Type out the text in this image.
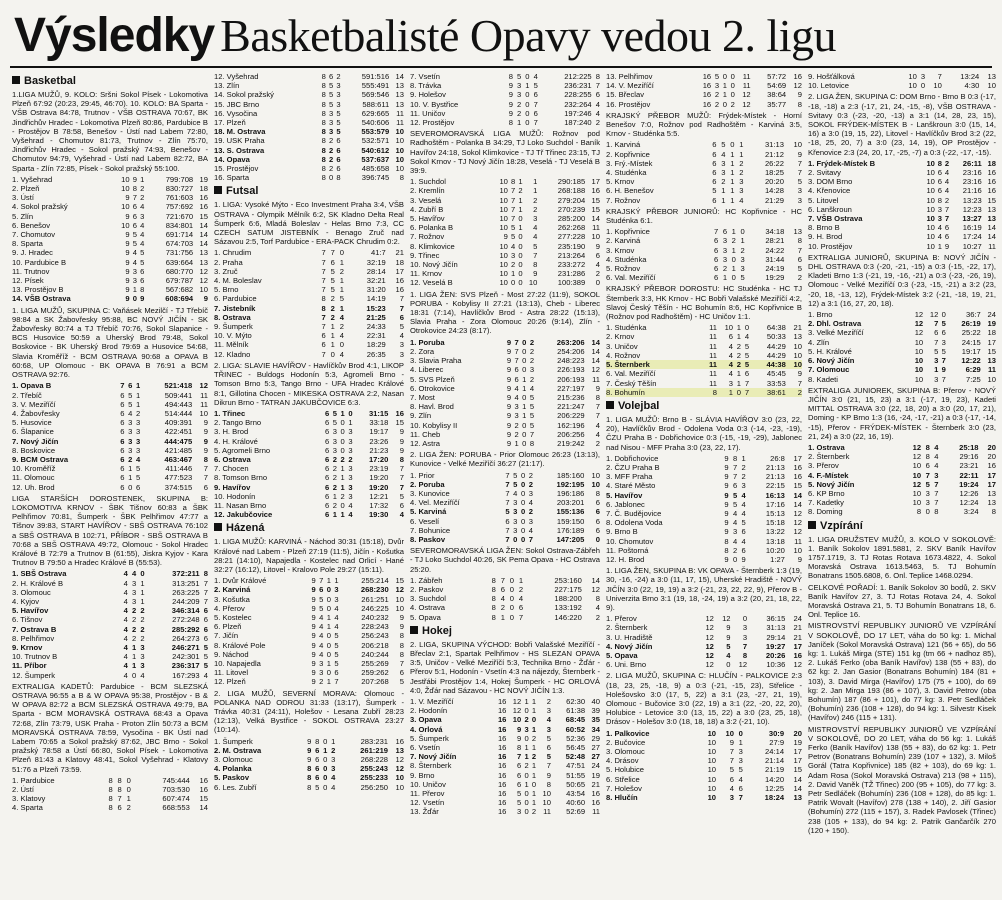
Výsledky Basketbalisté Opavy vedou 2. ligu
Basketbal
1.LIGA MUŽŮ, 9. KOLO: Sršni Sokol Písek - Lokomotiva Plzeň 67:92 (20:23, 29:45, 46:70). 10. KOLO: BA Sparta - VŠB Ostrava 84:78, Trutnov - VŠB OSTRAVA 70:67, BK Jindřichův Hradec - Lokomotiva Plzeň 80:86, Pardubice B - Prostějov B 78:58, Benešov - Ústí nad Labem 72:80, Vyšehrad - Chomutov 81:73, Trutnov - Zlín 75:70, Jindřichův Hradec - Sokol pražský 74:93, Benešov - Chomutov 94:79, Vyšehrad - Ústí nad Labem 82:72, BA Sparta - Zlín 72:85, Písek - Sokol pražský 55:100.
1. Vyšehrad	10	9	1	799:708	19
2. Plzeň	10	8	2	830:727	18
3. Ústí	9	7	2	761:603	16
4. Sokol pražský	10	6	4	757:692	16
5. Zlín	9	6	3	721:670	15
6. Benešov	10	6	4	834:801	14
7. Chomutov	9	5	4	691:714	14
8. Sparta	9	5	4	674:703	14
9. J. Hradec	9	4	5	731:756	13
10. Pardubice B	9	4	5	639:664	13
11. Trutnov	9	3	6	680:770	12
12. Písek	9	3	6	679:787	12
13. Prostějov B	9	1	8	567:682	10
14. VŠB Ostrava	9	0	9	608:694	9
1. LIGA MUŽŮ, SKUPINA C: Vaňásek Mezilčí - TJ Třebíč 98:84 a SK Žabovřesky 95:88, BC NOVÝ JIČÍN - SK Žabovřesky 80:74 a TJ Třebíč 70:76, Sokol Slapanice - BCS Husovice 50:59 a Uherský Brod 79:48, Sokol Boskovice - BK Uherský Brod 79:69 a Husovice 54:68, Slavia Kroměříž - BCM OSTRAVA 90:68 a OPAVA B 60:68, UP Olomouc - BK OPAVA B 76:91 a BCM OSTRAVA 92:76.
1. Opava B	7	6	1	521:418	12
2. Třebíč	6	5	1	509:441	11
3. V. Meziříčí	6	5	1	494:443	11
4. Žabovřesky	6	4	2	514:444	10
5. Husovice	6	3	3	409:391	9
6. Šlapanice	6	3	3	422:451	9
7. Nový Jičín	6	3	3	444:475	9
8. Boskovice	6	3	3	421:485	9
9. BCM Ostrava	6	2	4	463:467	8
10. Kroměříž	6	1	5	411:446	7
11. Olomouc	6	1	5	477:523	7
12. Uh. Brod	6	0	6	374:515	6
LIGA STARŠÍCH DOROSTENEK, SKUPINA B: LOKOMOTIVA KRNOV - ŠBK Tišnov 60:83 a ŠBK Pelhřimov 70:81, Šumperk - ŠBK Pelhřimov 47:77 a Tišnov 39:83, START HAVÍŘOV - SBŠ OSTRAVA 76:102 a SBŠ OSTRAVA B 102:71, PŘÍBOR - SBŠ OSTRAVA B 70:68 a SBŠ OSTRAVA 49:72, Olomouc - Sokol Hradec Králové B 72:79 a Trutnov B (61:55), Jiskra Kyjov - Kara Trutnov B 79:50 a Hradec Králové B (55:53).
1. SBŠ Ostrava	4	4	0	372:211	8
2. H. Králové B	4	3	1	313:251	7
3. Olomouc	4	3	1	263:225	7
4. Kyjov	4	3	1	244:209	7
5. Havířov	4	2	2	346:314	6
6. Tišnov	4	2	2	272:248	6
7. Ostrava B	4	2	2	285:292	6
8. Pelhřimov	4	2	2	264:273	6
9. Krnov	4	1	3	246:271	5
10. Trutnov B	4	1	3	242:301	5
11. Příbor	4	1	3	236:317	5
12. Šumperk	4	0	4	167:293	4
EXTRALIGA KADETŮ: Pardubice - BCM SLEZSKÁ OSTRAVA 96:55 a B & W OPAVA 95:38, Prostějov - B & W OPAVA 82:72 a BCM SLEZSKÁ OSTRAVA 49:79, BA Sparta - BCM MORAVSKÁ OSTRAVA 68:43 a Opava 72:68, Zlín 73:79, USK Praha - Proton Zlín 50:73 a BCM MORAVSKÁ OSTRAVA 78:59, Vysočina - BK Ústí nad Labem 70:65 a Sokol pražský 87:62, JBC Brno - Sokol pražský 78:58 a Ústí 66:80, Sokol Písek - Lokomotiva Plzeň 81:43 a Klatovy 48:41, Sokol Vyšehrad - Klatovy 51:76 a Plzeň 73:59.
1. Pardubice	8	8	0	745:444	16
2. Ústí	8	8	0	703:530	16
3. Klatovy	8	7	1	607:474	15
4. Sparta	8	6	2	668:553	14
12. Vyšehrad	8	6	2	591:516	14
13. Zlín	8	5	3	555:491	13
14. Sokol pražský	8	5	3	569:546	13
15. JBC Brno	8	5	3	588:611	13
16. Vysočina	8	3	5	629:665	11
17. Plzeň	8	3	5	540:606	11
18. M. Ostrava	8	3	5	553:579	10
19. USK Praha	8	2	6	532:571	10
13. S. Ostrava	8	2	6	540:612	10
14. Opava	8	2	6	537:637	10
15. Prostějov	8	2	6	485:658	10
16. Sparta	8	0	8	396:745	8
Futsal
1. LIGA: Vysoké Mýto - Eco Investment Praha 3:4, VŠB OSTRAVA - Olympik Mělník 6:2, SK Kladno Delta Real Šumperk 6:6, Mladá Boleslav - Helas Brno 7:3, CC CZECH SATUM JISTEBNÍK - Benago Zruč nad Sázavou 2:5, Torf Pardubice - ERA-PACK Chrudim 0:2.
1. Chrudim	7	7	0	41:7	21
2. Praha	7	6	1	32:19	18
3. Zruč	7	5	2	28:14	17
4. M. Boleslav	7	5	1	32:21	16
5. Brno	7	5	1	31:20	16
6. Pardubice	8	2	5	14:19	7
7. Jistebník	8	2	1	15:23	7
8. Ostrava	7	2	4	21:25	6
9. Šumperk	7	1	2	24:33	5
10. V. Mýto	6	1	4	22:31	4
11. Mělník	6	1	0	18:29	3
12. Kladno	7	0	4	26:35	3
2. LIGA: SLAVIE HAVÍŘOV - Havlíčkův Brod 4:1, LIKOP TŘINEC - Buldogs Hodonín 5:3, Agromeli Brno - Tomson Brno 5:3, Tango Brno - UFA Hradec Králové 8:1, Gillotina Chocen - MIKESKA OSTRAVA 2:2, Nasan Dikrun Brno - TATRAN JAKUBČOVICE 6:3.
1. Třinec	6	5	1	0	31:15	16
2. Tango Brno	6	5	0	1	33:18	15
3. H. Brod	6	3	0	3	19:17	9
4. H. Králové	6	3	0	3	23:26	9
5. Agromeli Brno	6	3	0	3	21:23	9
6. Ostrava	6	2	2	2	17:20	8
7. Chocen	6	2	1	3	23:19	7
8. Tomson Brno	6	2	1	3	19:20	7
9. Havířov	6	2	1	3	19:20	7
10. Hodonín	6	1	2	3	12:21	5
11. Nasan Brno	6	2	0	4	17:32	6
12. Jakubčovice	6	1	1	4	19:30	4
Házená
1. LIGA MUŽŮ: KARVINÁ - Náchod 30:31 (15:18), Dvůr Králové nad Labem - Plzeň 27:19 (11:5), Jičín - Košutka 28:21 (14:10), Napajedla - Kostelec nad Orlicí - Hané 32:27 (16:12), Litovel - Kralovo Pole 29:27 (15:11).
1. Dvůr Králové	9	7	1	1	255:214	15
2. Karviná	9	6	0	3	268:230	12
3. Košutka	9	5	0	3	261:251	10
4. Přerov	9	5	0	4	246:225	10
5. Kostelec	9	4	1	4	240:232	9
6. Plzeň	9	4	1	4	228:243	9
7. Jičín	9	4	0	5	256:243	8
8. Králové Pole	9	4	0	5	206:218	8
9. Náchod	9	4	0	5	240:244	8
10. Napajedla	9	3	1	5	255:269	7
11. Litovel	9	3	0	6	259:262	6
12. Plzeň	9	2	1	7	207:268	5
2. LIGA MUŽŮ, SEVERNÍ MORAVA: Olomouc - POLANKA NAD ODROU 31:33 (13:17), Šumperk - Trávka 40:31 (24:11), Holešov - Lesana Zubří 28:23 (12:13), Velká Bystřice - SOKOL OSTRAVA 23:27 (10:14).
1. Šumperk	9	8	0	1	283:231	16
2. M. Ostrava	9	6	1	2	261:219	13
3. Olomouc	9	6	0	3	268:228	12
4. Polanka	8	6	0	3	255:243	12
5. Paskov	8	6	0	4	255:233	10
6. Les. Zubří	8	5	0	4	256:250	10
7. Vsetín	8	5	0	4	212:225	8
8. Trávka	9	3	1	5	236:231	7
9. Holešov	9	3	0	6	228:255	6
10. V. Bystřice	9	2	0	7	232:264	4
11. Uničov	9	2	0	6	197:246	4
12. Prostějov	8	1	0	7	187:240	2
SEVEROMORAVSKÁ LIGA MUŽŮ: Rožnov pod Radhoštěm - Polanka B 34:29, TJ Loko Suchdol - Baník Havířov 24:18, Sokol Klimkovice - TJ Tř Třinec 23:15, TJ Sokol Krnov - TJ Nový Jičín 18:28, Veselá - TJ Veselá B 39:9.
1. Suchdol	10	8	1	1	290:185	17
2. Kremlín	10	7	2	1	268:188	16
3. Veselá	10	7	1	2	279:204	15
4. Zubří B	10	7	1	2	270:239	15
5. Havířov	10	7	0	3	285:200	14
6. Polanka B	10	5	1	4	262:268	11
7. Rožnov	9	5	0	4	277:228	10
8. Klimkovice	10	4	0	5	235:190	9
9. Třinec	10	3	0	7	213:264	6
10. Nový Jičín	10	2	0	8	233:272	4
11. Krnov	10	1	0	9	231:286	2
12. Veselá B	10	0	0	10	100:389	0
1. LIGA ŽEN: SVS Plzeň - Most 27:22 (11:9), SOKOL PORUBA - Kobylisy II 27:21 (13:13), Cheb - Liberec 18:31 (7:14), Havlíčkův Brod - Astra 28:22 (15:13), Slavia Praha - Zora Olomouc 20:26 (9:14), Zlín - Otrokovice 24:23 (8:17).
1. Poruba	9	7	0	2	263:206	14
2. Zora	9	7	0	2	254:206	14
3. Slavia Praha	9	7	0	2	248:223	14
4. Liberec	9	6	0	3	226:193	12
5. SVS Plzeň	9	6	1	2	206:193	11
6. Otrokovice	9	4	1	4	227:197	9
7. Most	9	4	0	5	215:236	8
8. Havl. Brod	9	3	1	5	221:247	7
9. Zlín	9	3	1	5	206:229	7
10. Kobylisy II	9	2	0	5	162:196	4
11. Cheb	9	2	0	7	206:256	4
12. Astra	9	1	0	8	219:242	2
2. LIGA ŽEN: PORUBA - Prior Olomouc 26:23 (13:13), Kunovice - Velké Meziříčí 36:27 (21:17).
1. Prior	7	5	0	2	185:160	10
2. Poruba	7	5	0	2	192:195	10
3. Kunovice	7	4	0	3	196:186	8
4. Vel. Meziříčí	7	3	0	4	203:201	6
5. Karviná	5	3	0	2	155:136	6
6. Veselí	6	3	0	3	159:150	6
7. Bohunice	7	3	0	4	176:189	6
8. Paskov	7	0	0	7	147:205	0
SEVEROMORAVSKÁ LIGA ŽEN: Sokol Ostrava-Zábřeh - TJ Loko Suchdol 40:26, SK Pema Opava - HC Ostrava 25:20.
1. Zábřeh	8	7	0	1	253:160	14
2. Paskov	8	6	0	2	227:175	12
3. Suchdol	8	4	0	4	188:200	8
4. Ostrava	8	2	0	6	133:192	4
5. Opava	8	1	0	7	146:220	2
Hokej
2. LIGA, SKUPINA VÝCHOD: Bobři Valašské Meziříčí - Břeclav 2:1, Spartak Pelhřimov - HS SLEZAN OPAVA 3:5, Uničov - Velké Meziříčí 5:3, Technika Brno - Žďár - Přerov 5:1, Hodonín - Vsetín 4:3 na nájezdy, Šternberk - Jestřábi Prostějov 1:4, Hokej Šumperk - HC ORLOVÁ 4:0, Žďár nad Sázavou - HC NOVÝ JIČÍN 1:3.
1. V. Meziříčí	16	12	1	1	2	62:30	40
2. Hodonín	16	12	0	1	3	61:38	39
3. Opava	16	10	2	0	4	68:45	35
4. Orlová	16	9	3	1	3	60:52	34
5. Šumperk	16	9	0	2	5	52:36	29
6. Vsetín	16	8	1	1	6	56:45	27
7. Nový Jičín	16	7	1	2	5	52:48	27
8. Šternberk	16	6	2	1	7	47:51	24
9. Brno	16	6	0	1	9	51:55	19
10. Uničov	16	6	1	0	8	50:65	21
11. Přerov	16	5	0	1	10	43:54	16
12. Vsetín	16	5	0	1	10	40:60	16
13. Žďár	16	3	0	2	11	52:69	11
13. Pelhřimov	16	5	0	0	11	57:72	16
14. V. Meziříčí	16	3	1	0	11	54:69	12
15. Břeclav	16	2	1	0	12	38:64	9
16. Prostějov	16	2	0	2	12	35:77	8
KRAJSKÝ PŘEBOR MUŽŮ: Frýdek-Místek - Horní Benešov 7:0, Rožnov pod Radhoštěm - Karviná 3:5, Krnov - Studénka 5:5.
1. Karviná	6	5	0	1	31:13	10
2. Kopřivnice	6	4	1	1	21:12	9
3. Frý.-Místek	6	3	1	2	26:22	7
4. Studénka	6	3	1	2	18:25	7
5. Krnov	6	2	1	3	20:20	5
6. H. Benešov	5	1	1	3	14:28	3
7. Rožnov	6	1	1	4	21:29	3
KRAJSKÝ PŘEBOR JUNIORŮ: HC Kopřivnice - HC Studénka 6:1.
1. Kopřivnice	7	6	1	0	34:18	13
2. Karviná	6	3	2	1	28:21	8
3. Krnov	6	3	1	2	24:22	7
4. Studénka	6	3	0	3	31:44	6
5. Rožnov	6	2	1	3	24:19	5
6. Val. Meziříčí	6	1	0	5	19:29	2
KRAJSKÝ PŘEBOR DOROSTU: HC Studénka - HC TJ Šternberk 3:3, HK Krnov - HC Bobři Valašské Meziříčí 4:2, Slavoj Český Těšín - HC Bohumín 8:6, HC Kopřivnice B (Rožnov pod Radhoštěm) - HC Uničov 1:1.
1. Studénka	11	10	1	0	64:38	21
2. Krnov	11	6	1	4	50:33	13
3. Uničov	11	4	2	5	44:29	10
4. Rožnov	11	4	2	5	44:29	10
5. Šternberk	11	4	2	5	44:38	10
6. Val. Meziříčí	11	4	1	6	45:45	9
7. Český Těšín	11	3	1	7	33:53	7
8. Bohumín	8	1	0	7	38:61	2
Volejbal
1. LIGA MUŽŮ: Brno B - SLÁVIA HAVÍŘOV 3:0 (23, 22, 20), Havlíčkův Brod - Odolena Voda 0:3 (-14, -23, -19), ČZU Praha B - Dobřichovice 0:3 (-15, -19, -29), Jablonec nad Nisou - MFF Praha 3:0 (23, 22, 17).
1. Dobřichovice	9	8	1	26:8	17
2. ČZU Praha B	9	7	2	21:13	16
3. MFF Praha	9	7	2	21:13	16
4. Staré Město	9	6	3	22:15	15
5. Havířov	9	5	4	16:13	14
6. Jablonec	9	5	4	17:16	14
7. Č. Budějovice	9	4	4	15:13	12
8. Odolena Voda	9	4	5	15:18	12
9. Brno B	9	3	6	13:22	12
10. Chomutov	8	4	4	13:18	11
11. Poštorná	8	2	6	10:20	10
12. H. Brod	9	0	9	1:27	9
1. LIGA ŽEN, SKUPINA B: VK OPAVA - Šternberk 1:3 (19, 30, -16, -24) a 3:0 (11, 17, 15), Uherské Hradiště - NOVÝ JIČÍN 3:0 (22, 19, 19) a 3:2 (-21, 23, 22, 22, 9), Přerov B - Univerzita Brno 3:1 (19, 18, -24, 19) a 3:2 (20, 21, 18, 22, 9).
1. Přerov	12	12	0	36:15	24
2. Šternberk	12	9	3	31:13	21
3. U. Hradiště	12	9	3	29:14	21
4. Nový Jičín	12	5	7	19:27	17
5. Opava	12	4	8	20:26	16
6. Uni. Brno	12	0	12	10:36	12
2. LIGA MUŽŮ, SKUPINA C: HLUČÍN - PALKOVICE 2:3 (18, 23, 25, -18, 9) a 0:3 (-21, -15, 23), Střelice - Holešovsko 3:0 (17, 5, 22) a 3:1 (23, -27, 21, 19), Olomouc - Bučovice 3:0 (22, 19) a 3:1 (22, -20, 22, 20), Holubice - Letovice 3:0 (13, 15, 22) a 3:0 (23, 25, 18), Drásov - Holešov 3:0 (18, 18, 18) a 3:2 (-21, 10).
1. Palkovice	10	10	0	30:9	20
2. Bučovice	10	9	1	27:9	19
3. Olomouc	10	7	3	24:14	17
4. Drásov	10	7	3	21:14	17
5. Holubice	10	5	5	21:19	15
6. Střelice	10	6	4	14:20	14
7. Holešov	10	4	6	12:25	14
8. Hlučín	10	3	7	18:24	13
9. Hošťálková	10	3	7	13:24	13
10. Letovice	10	0	10	4:30	10
2. LIGA ŽEN, SKUPINA C: DOM Brno - Brno B 0:3 (-17, -18, -18) a 2:3 (-17, 21, 24, -15, -8), VŠB OSTRAVA - Svitavy 0:3 (-23, -20, -13) a 3:1 (14, 28, 23, 15), SOKOL FRÝDEK-MÍSTEK B - Lanškroun 3:0 (15, 14, 16) a 3:0 (19, 15, 22), Litovel - Havlíčkův Brod 3:2 (22, -18, 25, 20, 7) a 3:0 (23, 14, 19), OP Prostějov - Křenovice 2:3 (24, 20, 17, -25, -7) a 0:3 (-22, -17, -15).
1. Frýdek-Místek B	10	8	2	26:11	18
2. Svitavy	10	6	4	23:16	16
3. DOM Brno	10	6	4	23:16	16
4. Křenovice	10	6	4	21:16	16
5. Litovel	10	8	2	13:23	15
6. Lanškroun	10	3	7	12:23	13
7. VŠB Ostrava	10	3	7	13:27	13
8. Brno B	10	4	6	16:19	14
9. H. Brod	10	4	6	17:24	14
10. Prostějov	10	1	9	10:27	11
EXTRALIGA JUNIORŮ, SKUPINA B: NOVÝ JIČÍN - DHL OSTRAVA 0:3 (-20, -21, -15) a 0:3 (-15, -22, 17), Kladeti Brno 1:3 (-21, 19, -16, -21) a 0:3 (-23, -26, 19), Olomouc - Velké Meziříčí 0:3 (-23, -15, -21) a 3:2 (23, -20, 18, -13, 12), Frýdek-Místek 3:2 (-21, -18, 19, 21, 12) a 3:1 (16, 27, 20, 18).
1. Brno	12	12	0	36:7	24
2. Dhl. Ostrava	12	7	5	26:19	19
3. Velké Meziříčí	12	6	6	25:22	18
4. Zlín	10	7	3	24:15	17
5. H. Králové	10	5	5	19:17	15
6. Nový Jičín	10	3	7	12:22	13
7. Olomouc	10	1	9	6:29	11
8. Kadeti	10	3	7	7:25	10
EXTRALIGA JUNIOREK, SKUPINA B: Přerov - NOVÝ JIČÍN 3:0 (21, 15, 23) a 3:1 (-17, 19, 23), Kadeti MITTAL OSTRAVA 3:0 (22, 18, 20) a 3:0 (20, 17, 21), Doming - KP Brno 1:3 (16, -24, -17, -21) a 0:3 (-17, -14, -15), Přerov - FRÝDEK-MÍSTEK - Šternberk 3:0 (23, 21, 24) a 3:0 (22, 16, 19).
1. Ostrava	12	8	4	25:18	20
2. Šternberk	12	8	4	29:16	20
3. Přerov	10	6	4	23:21	16
4. F.-Místek	10	7	3	22:11	17
5. Nový Jičín	12	5	7	19:24	17
6. KP Brno	10	3	7	12:26	13
7. Kadetky	10	3	7	12:24	13
8. Doming	8	0	8	3:24	8
Vzpírání
1. LIGA DRUŽSTEV MUŽŮ, 3. KOLO V SOKOLOVĚ: 1. Baník Sokolov 1891.5881, 2. SKV Baník Havířov 1757.1719, 3. TJ Rotas Rotava 1673.4822, 4. Sokol Moravská Ostrava 1613.5463, 5. TJ Bohumín Bonatrans 1505.6808, 6. Onl. Teplice 1468.0294.
CELKOVÉ POŘADÍ: 1. Baník Sokolov 30 bodů, 2. SKV Baník Havířov 27, 3. TJ Rotas Rotava 24, 4. Sokol Moravská Ostrava 21, 5. TJ Bohumín Bonatrans 18, 6. Onl. Teplice 16.
MISTROVSTVÍ REPUBLIKY JUNIORŮ VE VZPÍRÁNÍ V SOKOLOVĚ, DO 17 LET, váha do 50 kg: 1. Michal Janíček (Sokol Moravská Ostrava) 121 (56 + 65), do 56 kg: 1. Lukáš Mirga (STE) 151 kg (tm 66 + nadhoz 85), 2. Lukáš Ferko (oba Baník Havířov) 138 (55 + 83), do 62 kg: 2. Jan Gasior (Bonatrans Bohumín) 184 (81 + 103), 3. David Mirga (Havířov) 175 (75 + 100), do 69 kg: 2. Jan Mirga 193 (86 + 107), 3. David Petrov (oba Bohumín) 187 (86 + 101), do 77 kg: 3. Petr Sedláček (Bohumín) 236 (108 + 128), do 94 kg: 1. Silvestr Kisek (Havířov) 246 (115 + 131).
MISTROVSTVÍ REPUBLIKY JUNIORŮ VE VZPÍRÁNÍ V SOKOLOVĚ, DO 20 LET, váha do 56 kg: 1. Lukáš Ferko (Baník Havířov) 138 (55 + 83), do 62 kg: 1. Petr Petrov (Bonatrans Bohumín) 239 (107 + 132), 3. Miloš Gorál (Tatra Kopřivnice) 185 (82 + 103), do 69 kg: 1. Adam Rosa (Sokol Moravská Ostrava) 213 (98 + 115), 2. David Vaněk (TŽ Třinec) 200 (95 + 105), do 77 kg: 3. Petr Sedláček (Bohumín) 236 (108 + 128), do 85 kg: 1. Patrik Wovalt (Havířov) 278 (138 + 140), 2. Jiří Gasior (Bohumín) 272 (115 + 157), 3. Radek Pavlosek (Třinec) 238 (105 + 133), do 94 kg: 2. Patrik Gančarčík 270 (120 + 150).
